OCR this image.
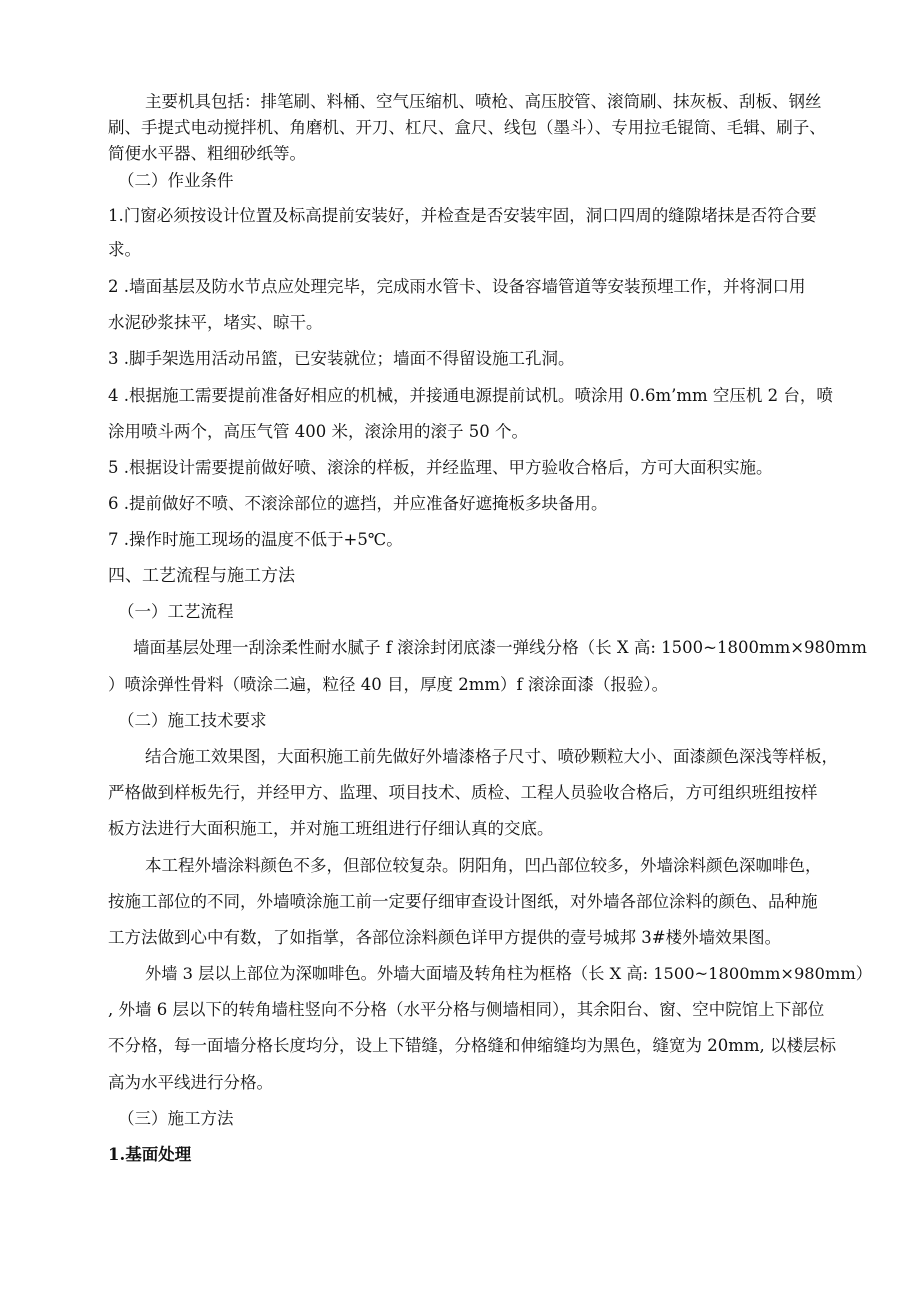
主要机具包括：排笔刷、料桶、空气压缩机、喷枪、高压胶管、滚筒刷、抹灰板、刮板、钢丝
刷、手提式电动搅拌机、角磨机、开刀、杠尺、盒尺、线包（墨斗）、专用拉毛锟筒、毛辑、刷子、
简便水平器、粗细砂纸等。
（二）作业条件
1.门窗必须按设计位置及标高提前安装好，并检查是否安装牢固，洞口四周的缝隙堵抹是否符合要
求。
2 .墙面基层及防水节点应处理完毕，完成雨水管卡、设备容墙管道等安装预埋工作，并将洞口用
水泥砂浆抹平，堵实、晾干。
3 .脚手架选用活动吊篮，已安装就位；墙面不得留设施工孔洞。
4 .根据施工需要提前准备好相应的机械，并接通电源提前试机。喷涂用 0.6m’mm 空压机 2 台，喷
涂用喷斗两个，高压气管 400 米，滚涂用的滚子 50 个。
5 .根据设计需要提前做好喷、滚涂的样板，并经监理、甲方验收合格后，方可大面积实施。
6 .提前做好不喷、不滚涂部位的遮挡，并应准备好遮掩板多块备用。
7 .操作时施工现场的温度不低于+5℃。
四、工艺流程与施工方法
（一）工艺流程
墙面基层处理一刮涂柔性耐水腻子 f 滚涂封闭底漆一弹线分格（长 X 高: 1500~1800mm×980mm
）喷涂弹性骨料（喷涂二遍，粒径 40 目，厚度 2mm）f 滚涂面漆（报验）。
（二）施工技术要求
结合施工效果图，大面积施工前先做好外墙漆格子尺寸、喷砂颗粒大小、面漆颜色深浅等样板，
严格做到样板先行，并经甲方、监理、项目技术、质检、工程人员验收合格后，方可组织班组按样
板方法进行大面积施工，并对施工班组进行仔细认真的交底。
本工程外墙涂料颜色不多，但部位较复杂。阴阳角，凹凸部位较多，外墙涂料颜色深咖啡色，
按施工部位的不同，外墙喷涂施工前一定要仔细审查设计图纸，对外墙各部位涂料的颜色、品种施
工方法做到心中有数，了如指掌，各部位涂料颜色详甲方提供的壹号城邦 3#楼外墙效果图。
外墙 3 层以上部位为深咖啡色。外墙大面墙及转角柱为框格（长 X 高: 1500~1800mm×980mm）
, 外墙 6 层以下的转角墙柱竖向不分格（水平分格与侧墙相同），其余阳台、窗、空中院馆上下部位
不分格，每一面墙分格长度均分，设上下错缝，分格缝和伸缩缝均为黑色，缝宽为 20mm, 以楼层标
高为水平线进行分格。
（三）施工方法
1.基面处理
